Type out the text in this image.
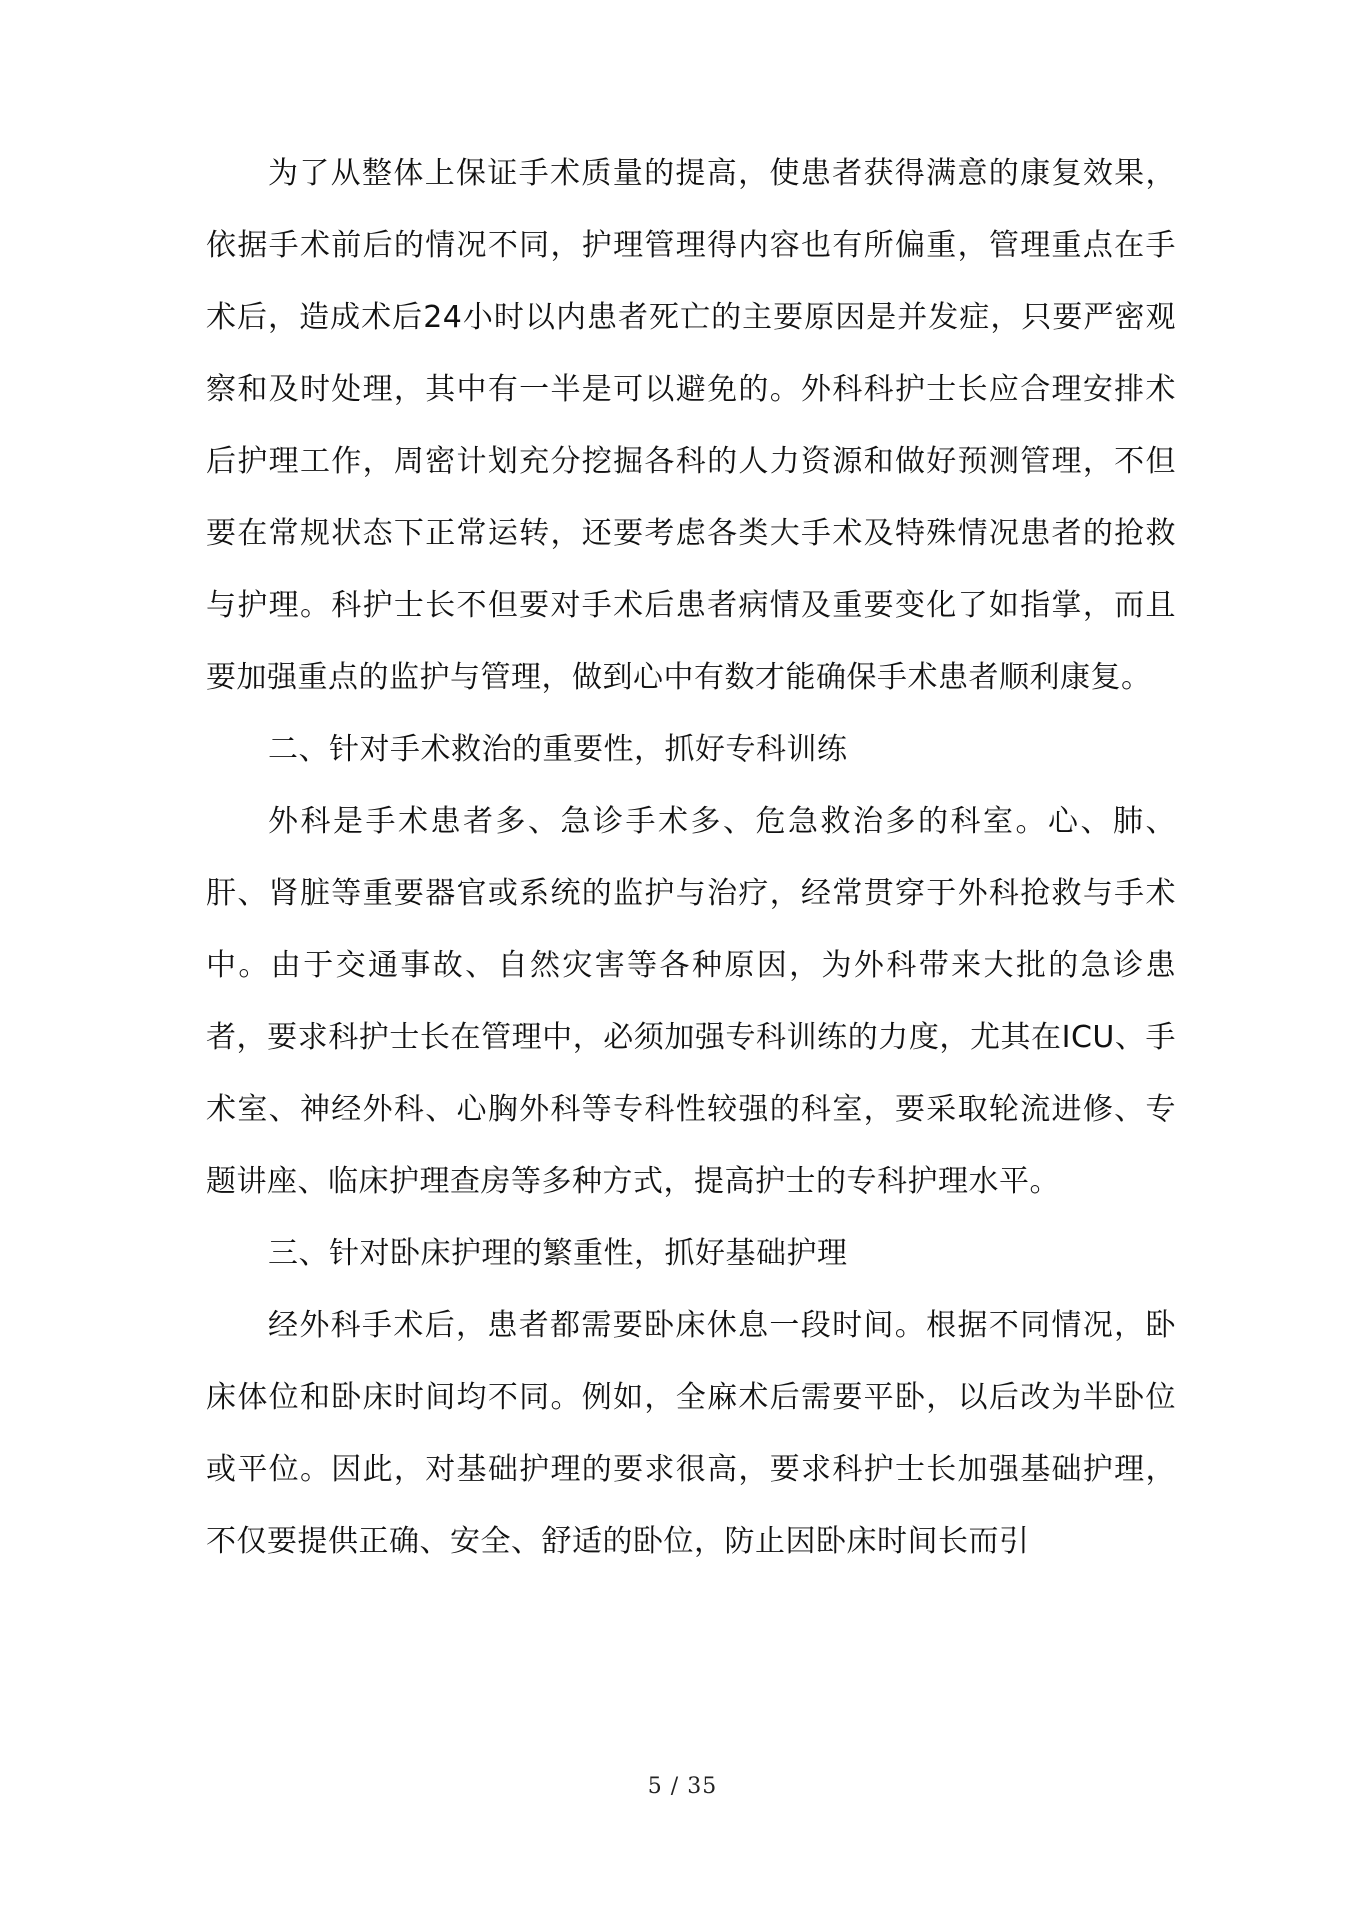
为了从整体上保证手术质量的提高，使患者获得满意的康复效果，依据手术前后的情况不同，护理管理得内容也有所偏重，管理重点在手术后，造成术后24小时以内患者死亡的主要原因是并发症，只要严密观察和及时处理，其中有一半是可以避免的。外科科护士长应合理安排术后护理工作，周密计划充分挖掘各科的人力资源和做好预测管理，不但要在常规状态下正常运转，还要考虑各类大手术及特殊情况患者的抢救与护理。科护士长不但要对手术后患者病情及重要变化了如指掌，而且要加强重点的监护与管理，做到心中有数才能确保手术患者顺利康复。

二、针对手术救治的重要性，抓好专科训练

外科是手术患者多、急诊手术多、危急救治多的科室。心、肺、肝、肾脏等重要器官或系统的监护与治疗，经常贯穿于外科抢救与手术中。由于交通事故、自然灾害等各种原因，为外科带来大批的急诊患者，要求科护士长在管理中，必须加强专科训练的力度，尤其在ICU、手术室、神经外科、心胸外科等专科性较强的科室，要采取轮流进修、专题讲座、临床护理查房等多种方式，提高护士的专科护理水平。

三、针对卧床护理的繁重性，抓好基础护理

经外科手术后，患者都需要卧床休息一段时间。根据不同情况，卧床体位和卧床时间均不同。例如，全麻术后需要平卧，以后改为半卧位或平位。因此，对基础护理的要求很高，要求科护士长加强基础护理，不仅要提供正确、安全、舒适的卧位，防止因卧床时间长而引

5 / 35
